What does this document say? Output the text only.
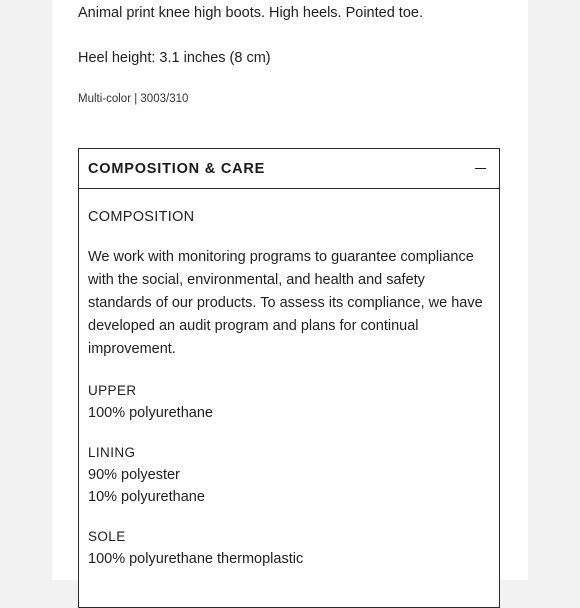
Animal print knee high boots. High heels. Pointed toe.

Heel height: 3.1 inches (8 cm)

Multi-color | 3003/310

COMPOSITION & CARE

COMPOSITION

We work with monitoring programs to guarantee compliance with the social, environmental, and health and safety standards of our products. To assess its compliance, we have developed an audit program and plans for continual improvement.

UPPER
100% polyurethane
LINING
90% polyester
10% polyurethane
SOLE
100% polyurethane thermoplastic
